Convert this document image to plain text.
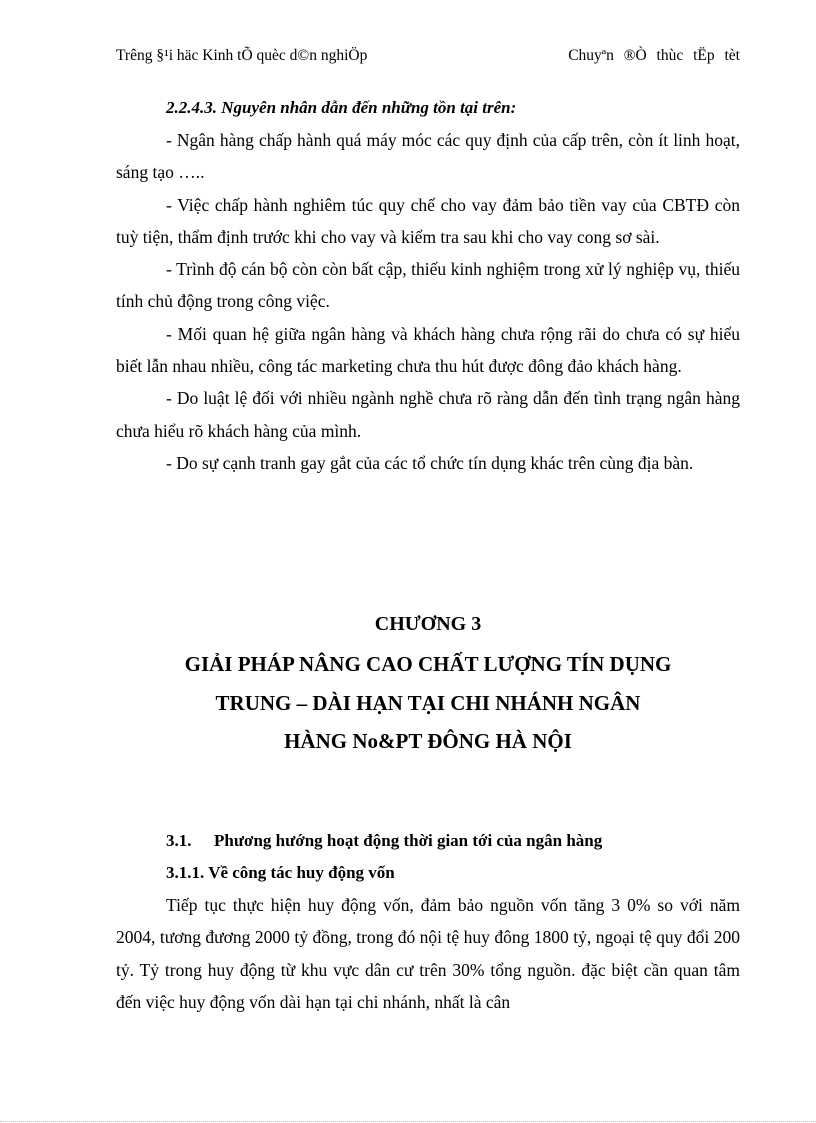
Trêng §¹i häc Kinh tÕ quèc d©n nghiÖp	Chuyªn ®Ò thùc tËp tèt

2.2.4.3. Nguyên nhân dẫn đến những tồn tại trên:

- Ngân hàng chấp hành quá máy móc các quy định của cấp trên, còn ít linh hoạt, sáng tạo …..

- Việc chấp hành nghiêm túc quy chế cho vay đảm bảo tiền vay của CBTĐ còn tuỳ tiện, thẩm định trước khi cho vay và kiểm tra sau khi cho vay cong sơ sài.

- Trình độ cán bộ còn còn bất cập, thiếu kinh nghiệm trong xử lý nghiệp vụ, thiếu tính chủ động trong công việc.

- Mối quan hệ giữa ngân hàng và khách hàng chưa rộng rãi do chưa có sự hiểu biết lẫn nhau nhiều, công tác marketing chưa thu hút được đông đảo khách hàng.

- Do luật lệ đối với nhiều ngành nghề chưa rõ ràng dẫn đến tình trạng ngân hàng chưa hiểu rõ khách hàng của mình.

- Do sự cạnh tranh gay gắt của các tổ chức tín dụng khác trên cùng địa bàn.

CHƯƠNG 3
GIẢI PHÁP NÂNG CAO CHẤT LƯỢNG TÍN DỤNG
TRUNG – DÀI HẠN TẠI CHI NHÁNH NGÂN
HÀNG No&PT ĐÔNG HÀ NỘI

3.1. Phương hướng hoạt động thời gian tới của ngân hàng

3.1.1. Về công tác huy động vốn

Tiếp tục thực hiện huy động vốn, đảm bảo nguồn vốn tăng 3 0% so với năm 2004, tương đương 2000 tỷ đồng, trong đó nội tệ huy đông 1800 tỷ, ngoại tệ quy đổi 200 tỷ. Tỷ trong huy động từ khu vực dân cư trên 30% tổng nguồn. đặc biệt cần quan tâm đến việc huy động vốn dài hạn tại chi nhánh, nhất là cân
